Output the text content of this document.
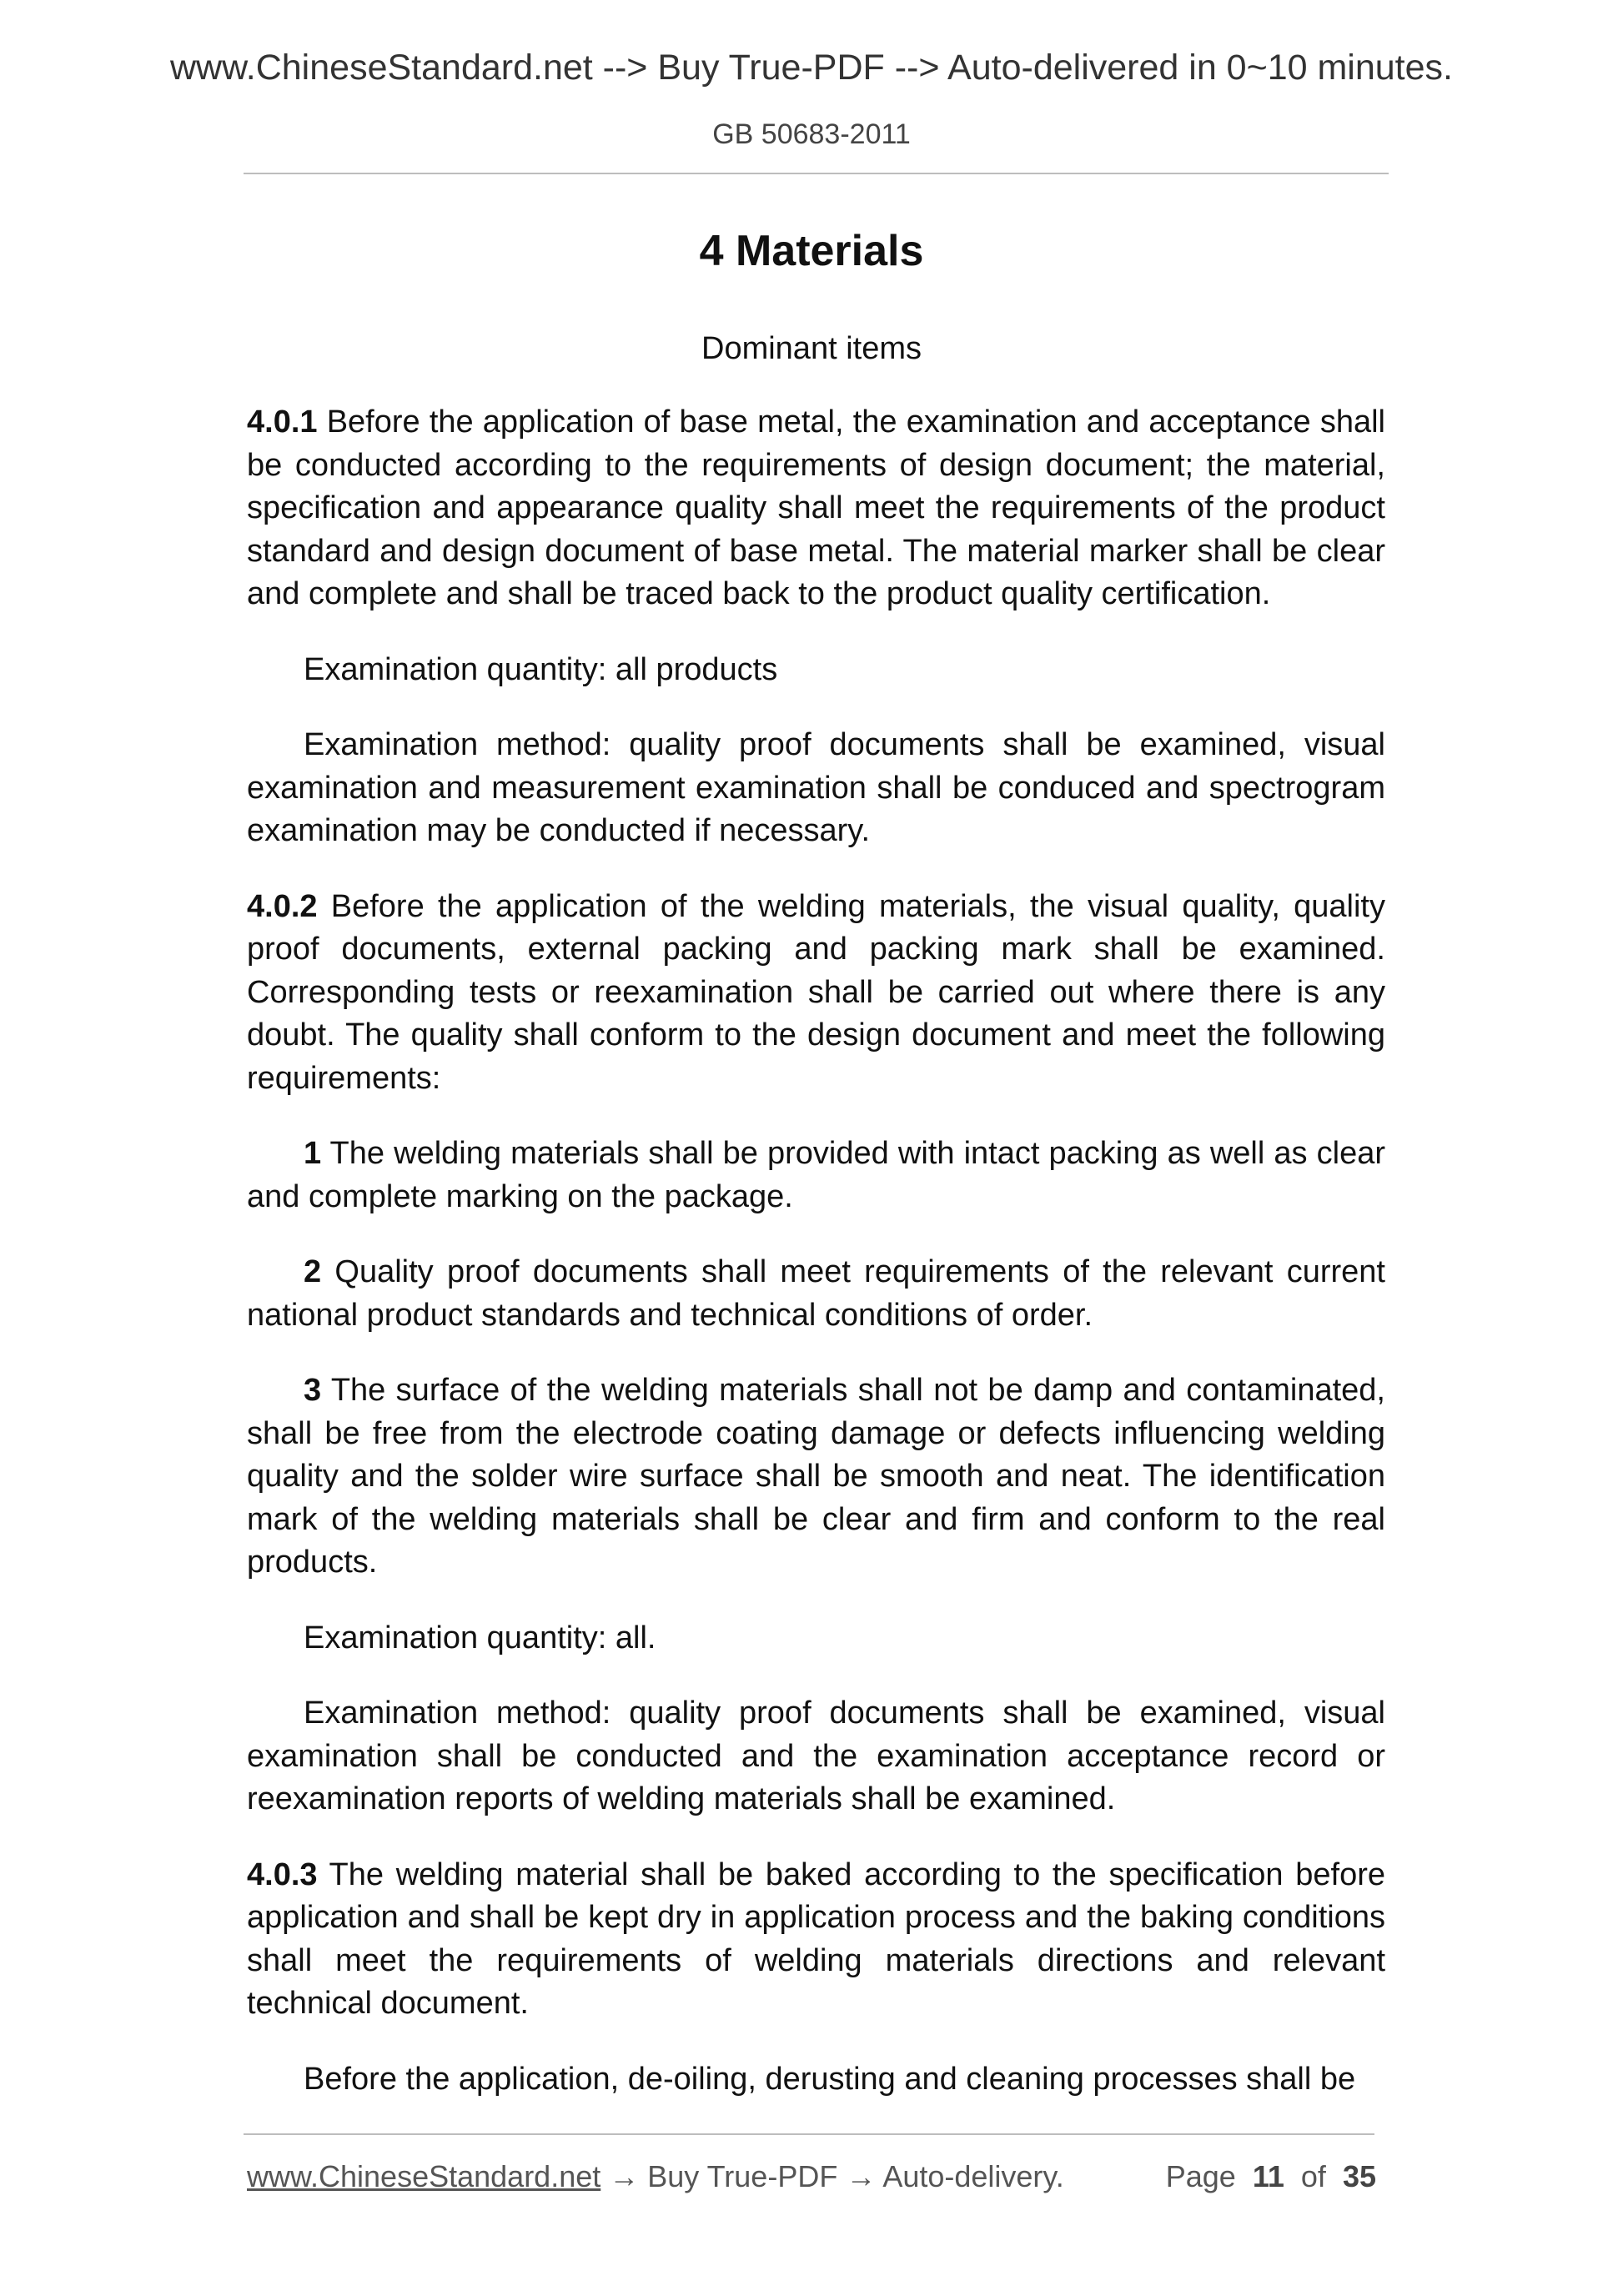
www.ChineseStandard.net --> Buy True-PDF --> Auto-delivered in 0~10 minutes.
GB 50683-2011
4 Materials
Dominant items

4.0.1 Before the application of base metal, the examination and acceptance shall be conducted according to the requirements of design document; the material, specification and appearance quality shall meet the requirements of the product standard and design document of base metal. The material marker shall be clear and complete and shall be traced back to the product quality certification.

Examination quantity: all products

Examination method: quality proof documents shall be examined, visual examination and measurement examination shall be conduced and spectrogram examination may be conducted if necessary.

4.0.2 Before the application of the welding materials, the visual quality, quality proof documents, external packing and packing mark shall be examined. Corresponding tests or reexamination shall be carried out where there is any doubt. The quality shall conform to the design document and meet the following requirements:

1 The welding materials shall be provided with intact packing as well as clear and complete marking on the package.

2 Quality proof documents shall meet requirements of the relevant current national product standards and technical conditions of order.

3 The surface of the welding materials shall not be damp and contaminated, shall be free from the electrode coating damage or defects influencing welding quality and the solder wire surface shall be smooth and neat. The identification mark of the welding materials shall be clear and firm and conform to the real products.

Examination quantity: all.

Examination method: quality proof documents shall be examined, visual examination shall be conducted and the examination acceptance record or reexamination reports of welding materials shall be examined.

4.0.3 The welding material shall be baked according to the specification before application and shall be kept dry in application process and the baking conditions shall meet the requirements of welding materials directions and relevant technical document.

Before the application, de-oiling, derusting and cleaning processes shall be

www.ChineseStandard.net → Buy True-PDF → Auto-delivery.	Page 11 of 35
